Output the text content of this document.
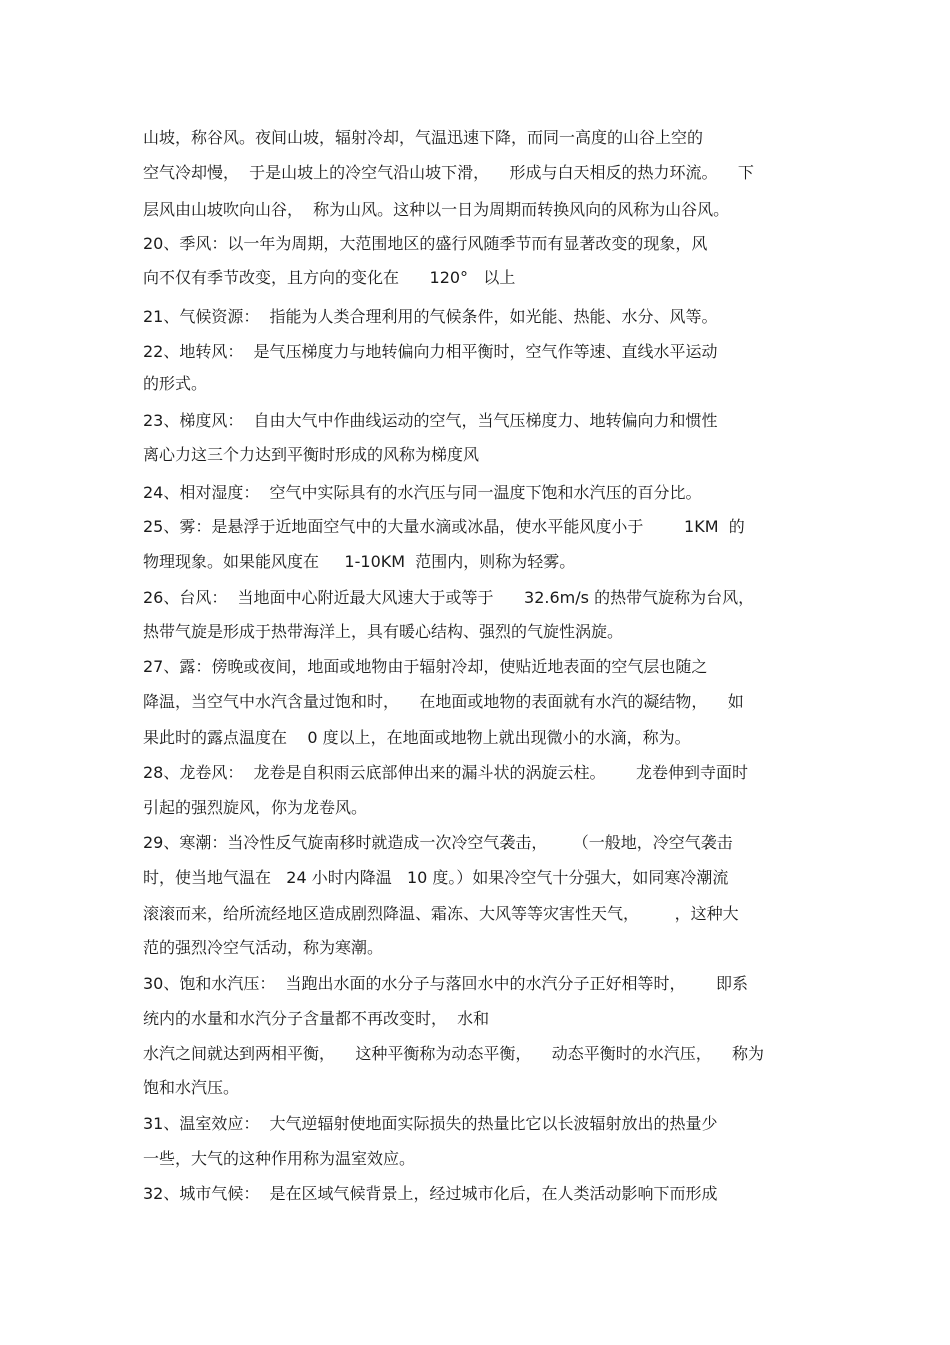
山坡，称谷风。夜间山坡，辐射冷却，气温迅速下降，而同一高度的山谷上空的
空气冷却慢，  于是山坡上的冷空气沿山坡下滑，    形成与白天相反的热力环流。    下
层风由山坡吹向山谷，  称为山风。这种以一日为周期而转换风向的风称为山谷风。
20、季风：以一年为周期，大范围地区的盛行风随季节而有显著改变的现象，风
向不仅有季节改变，且方向的变化在      120°   以上
21、气候资源：  指能为人类合理利用的气候条件，如光能、热能、水分、风等。
22、地转风：  是气压梯度力与地转偏向力相平衡时，空气作等速、直线水平运动
的形式。
23、梯度风：  自由大气中作曲线运动的空气，当气压梯度力、地转偏向力和惯性
离心力这三个力达到平衡时形成的风称为梯度风
24、相对湿度：  空气中实际具有的水汽压与同一温度下饱和水汽压的百分比。
25、雾：是悬浮于近地面空气中的大量水滴或冰晶，使水平能风度小于        1KM  的
物理现象。如果能风度在     1-10KM  范围内，则称为轻雾。
26、台风：  当地面中心附近最大风速大于或等于      32.6m/s 的热带气旋称为台风，
热带气旋是形成于热带海洋上，具有暖心结构、强烈的气旋性涡旋。
27、露：傍晚或夜间，地面或地物由于辐射冷却，使贴近地表面的空气层也随之
降温，当空气中水汽含量过饱和时，    在地面或地物的表面就有水汽的凝结物，    如
果此时的露点温度在    0 度以上，在地面或地物上就出现微小的水滴，称为。
28、龙卷风：  龙卷是自积雨云底部伸出来的漏斗状的涡旋云柱。      龙卷伸到寺面时
引起的强烈旋风，你为龙卷风。
29、寒潮：当冷性反气旋南移时就造成一次冷空气袭击，     （一般地，冷空气袭击
时，使当地气温在   24 小时内降温   10 度。）如果冷空气十分强大，如同寒冷潮流
滚滚而来，给所流经地区造成剧烈降温、霜冻、大风等等灾害性天气，       ，这种大
范的强烈冷空气活动，称为寒潮。
30、饱和水汽压：  当跑出水面的水分子与落回水中的水汽分子正好相等时，      即系
统内的水量和水汽分子含量都不再改变时，  水和
水汽之间就达到两相平衡，    这种平衡称为动态平衡，    动态平衡时的水汽压，    称为
饱和水汽压。
31、温室效应：  大气逆辐射使地面实际损失的热量比它以长波辐射放出的热量少
一些，大气的这种作用称为温室效应。
32、城市气候：  是在区域气候背景上，经过城市化后，在人类活动影响下而形成
